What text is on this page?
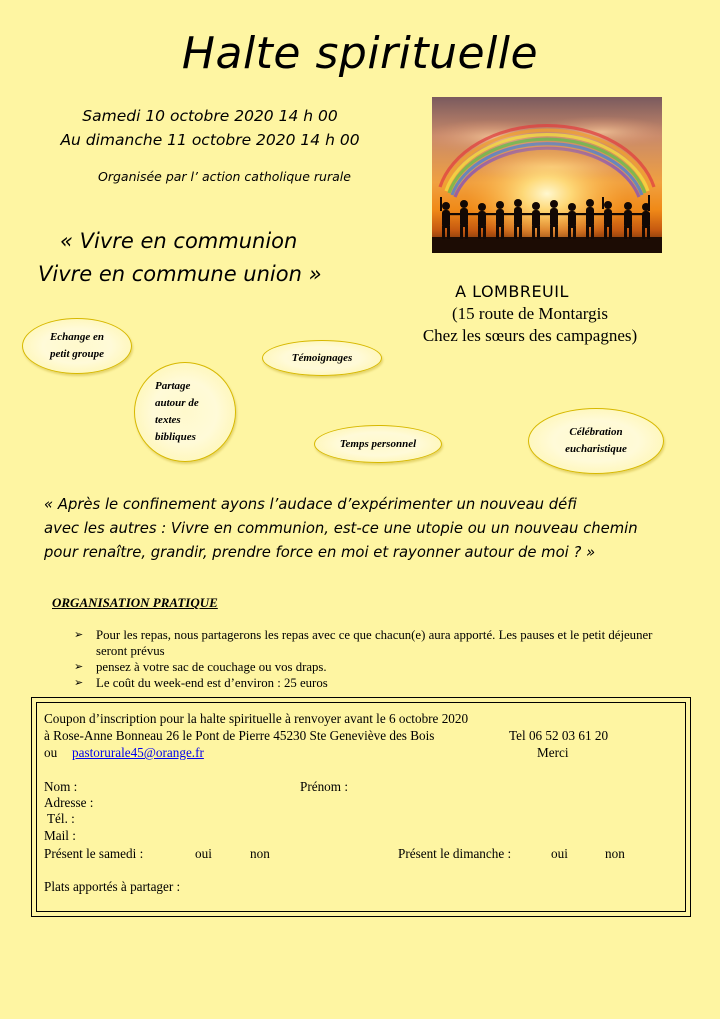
Halte spirituelle
Samedi 10 octobre 2020 14 h 00
Au dimanche 11 octobre 2020 14 h 00
Organisée par l’ action catholique rurale
« Vivre en communion
Vivre en commune union »
A LOMBREUIL
(15 route de Montargis
Chez les sœurs des campagnes)
Echange en petit groupe	Témoignages
Partage autour de textes bibliques
Temps personnel
Célébration eucharistique
« Après le confinement ayons l’audace d’expérimenter un nouveau défi
avec les autres : Vivre en communion, est-ce une utopie ou un nouveau chemin
pour renaître, grandir, prendre force en moi et rayonner autour de moi ? »
ORGANISATION PRATIQUE
➢ Pour les repas, nous partagerons les repas avec ce que chacun(e) aura apporté. Les pauses et le petit déjeuner seront prévus
➢ pensez à votre sac de couchage ou vos draps.
➢ Le coût du week-end est d’environ : 25 euros
Coupon d’inscription pour la halte spirituelle à renvoyer avant le 6 octobre 2020
à Rose-Anne Bonneau 26 le Pont de Pierre 45230 Ste Geneviève des Bois	Tel 06 52 03 61 20
ou pastorurale45@orange.fr	Merci
Nom :	Prénom :
Adresse :
Tél. :
Mail :
Présent le samedi :	oui	non	Présent le dimanche :	oui	non
Plats apportés à partager :
